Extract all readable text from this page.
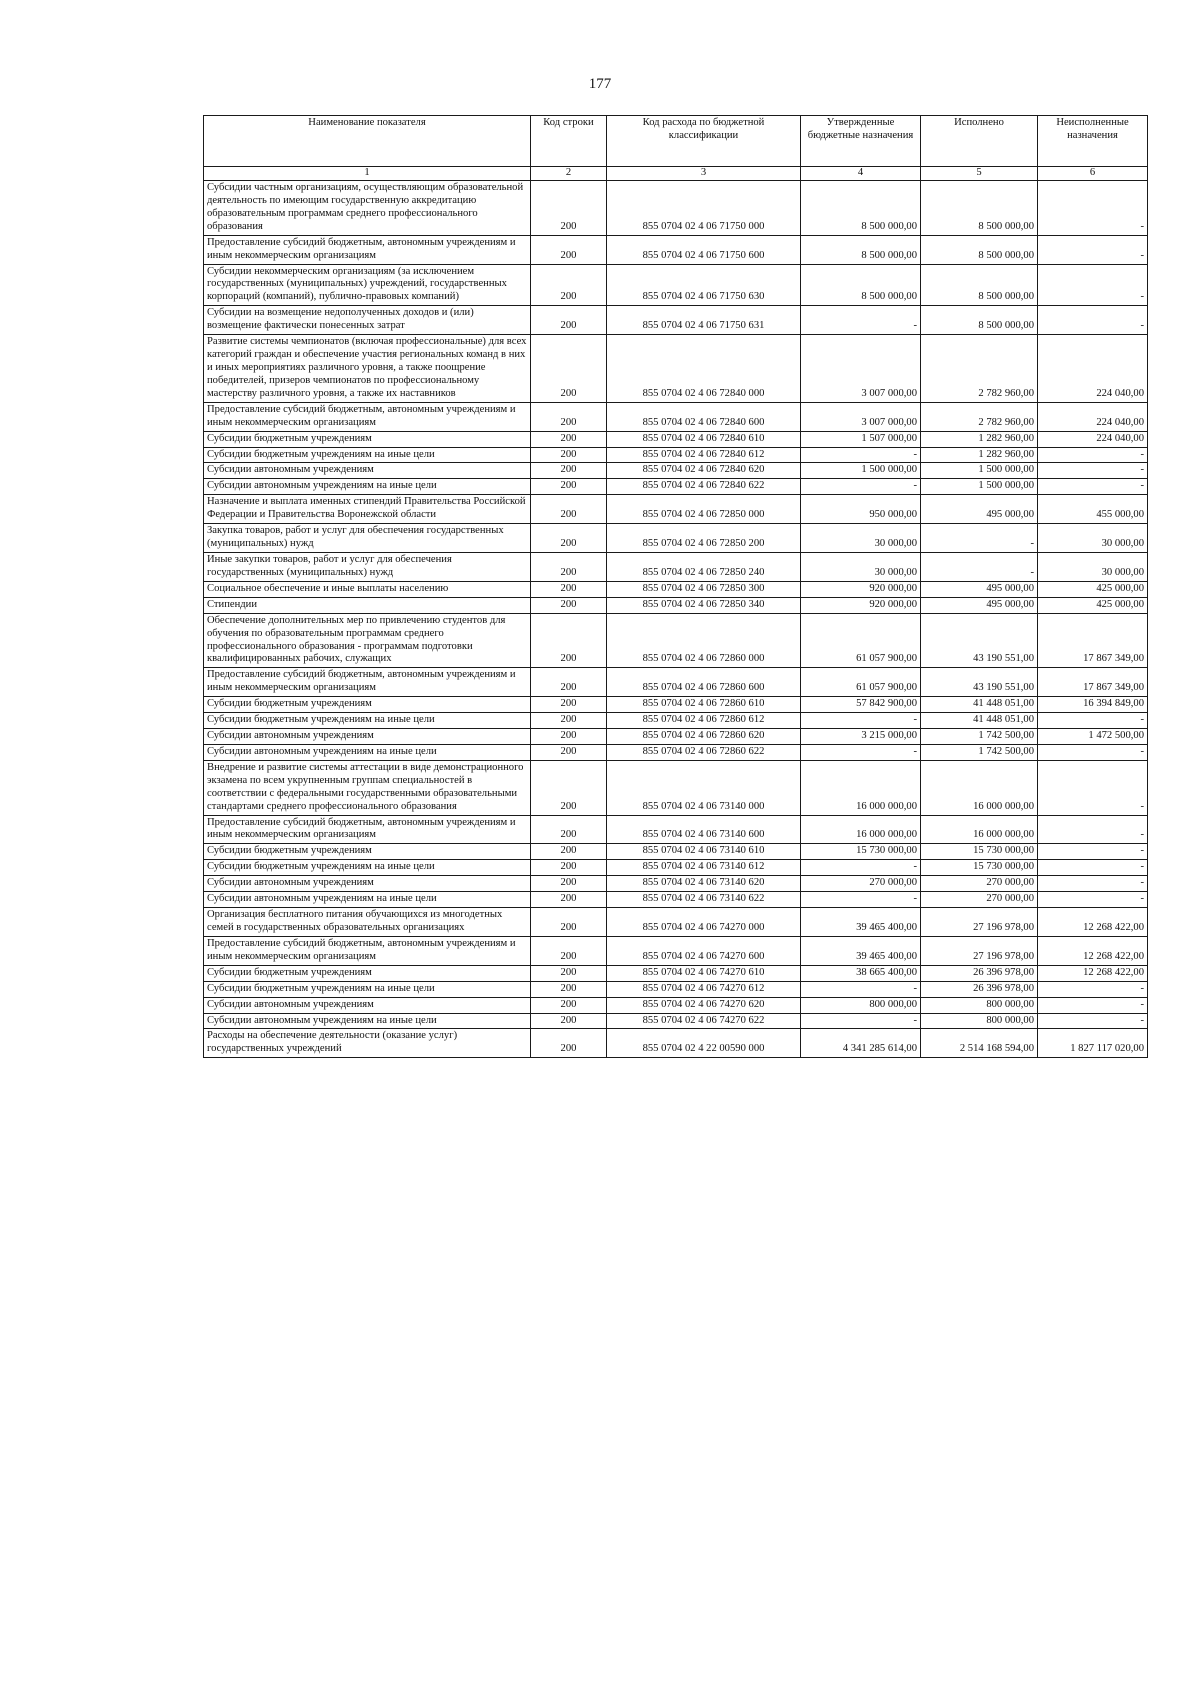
177
Наименование показателя	Код строки	Код расхода по бюджетной классификации	Утвержденные бюджетные назначения	Исполнено	Неисполненные назначения
1	2	3	4	5	6
Субсидии частным организациям, осуществляющим образовательной деятельность по имеющим государственную аккредитацию образовательным программам среднего профессионального образования	200	855 0704 02 4 06 71750 000	8 500 000,00	8 500 000,00	-
Предоставление субсидий бюджетным, автономным учреждениям и иным некоммерческим организациям	200	855 0704 02 4 06 71750 600	8 500 000,00	8 500 000,00	-
Субсидии некоммерческим организациям (за исключением государственных (муниципальных) учреждений, государственных корпораций (компаний), публично-правовых компаний)	200	855 0704 02 4 06 71750 630	8 500 000,00	8 500 000,00	-
Субсидии на возмещение недополученных доходов и (или) возмещение фактически понесенных затрат	200	855 0704 02 4 06 71750 631	-	8 500 000,00	-
Развитие системы чемпионатов (включая профессиональные) для всех категорий граждан и обеспечение участия региональных команд в них и иных мероприятиях различного уровня, а также поощрение победителей, призеров чемпионатов по профессиональному мастерству различного уровня, а также их наставников	200	855 0704 02 4 06 72840 000	3 007 000,00	2 782 960,00	224 040,00
Предоставление субсидий бюджетным, автономным учреждениям и иным некоммерческим организациям	200	855 0704 02 4 06 72840 600	3 007 000,00	2 782 960,00	224 040,00
Субсидии бюджетным учреждениям	200	855 0704 02 4 06 72840 610	1 507 000,00	1 282 960,00	224 040,00
Субсидии бюджетным учреждениям на иные цели	200	855 0704 02 4 06 72840 612	-	1 282 960,00	-
Субсидии автономным учреждениям	200	855 0704 02 4 06 72840 620	1 500 000,00	1 500 000,00	-
Субсидии автономным учреждениям на иные цели	200	855 0704 02 4 06 72840 622	-	1 500 000,00	-
Назначение и выплата именных стипендий Правительства Российской Федерации и Правительства Воронежской области	200	855 0704 02 4 06 72850 000	950 000,00	495 000,00	455 000,00
Закупка товаров, работ и услуг для обеспечения государственных (муниципальных) нужд	200	855 0704 02 4 06 72850 200	30 000,00	-	30 000,00
Иные закупки товаров, работ и услуг для обеспечения государственных (муниципальных) нужд	200	855 0704 02 4 06 72850 240	30 000,00	-	30 000,00
Социальное обеспечение и иные выплаты населению	200	855 0704 02 4 06 72850 300	920 000,00	495 000,00	425 000,00
Стипендии	200	855 0704 02 4 06 72850 340	920 000,00	495 000,00	425 000,00
Обеспечение дополнительных мер по привлечению студентов для обучения по образовательным программам среднего профессионального образования - программам подготовки квалифицированных рабочих, служащих	200	855 0704 02 4 06 72860 000	61 057 900,00	43 190 551,00	17 867 349,00
Предоставление субсидий бюджетным, автономным учреждениям и иным некоммерческим организациям	200	855 0704 02 4 06 72860 600	61 057 900,00	43 190 551,00	17 867 349,00
Субсидии бюджетным учреждениям	200	855 0704 02 4 06 72860 610	57 842 900,00	41 448 051,00	16 394 849,00
Субсидии бюджетным учреждениям на иные цели	200	855 0704 02 4 06 72860 612	-	41 448 051,00	-
Субсидии автономным учреждениям	200	855 0704 02 4 06 72860 620	3 215 000,00	1 742 500,00	1 472 500,00
Субсидии автономным учреждениям на иные цели	200	855 0704 02 4 06 72860 622	-	1 742 500,00	-
Внедрение и развитие системы аттестации в виде демонстрационного экзамена по всем укрупненным группам специальностей в соответствии с федеральными государственными образовательными стандартами среднего профессионального образования	200	855 0704 02 4 06 73140 000	16 000 000,00	16 000 000,00	-
Предоставление субсидий бюджетным, автономным учреждениям и иным некоммерческим организациям	200	855 0704 02 4 06 73140 600	16 000 000,00	16 000 000,00	-
Субсидии бюджетным учреждениям	200	855 0704 02 4 06 73140 610	15 730 000,00	15 730 000,00	-
Субсидии бюджетным учреждениям на иные цели	200	855 0704 02 4 06 73140 612	-	15 730 000,00	-
Субсидии автономным учреждениям	200	855 0704 02 4 06 73140 620	270 000,00	270 000,00	-
Субсидии автономным учреждениям на иные цели	200	855 0704 02 4 06 73140 622	-	270 000,00	-
Организация бесплатного питания обучающихся из многодетных семей в государственных образовательных организациях	200	855 0704 02 4 06 74270 000	39 465 400,00	27 196 978,00	12 268 422,00
Предоставление субсидий бюджетным, автономным учреждениям и иным некоммерческим организациям	200	855 0704 02 4 06 74270 600	39 465 400,00	27 196 978,00	12 268 422,00
Субсидии бюджетным учреждениям	200	855 0704 02 4 06 74270 610	38 665 400,00	26 396 978,00	12 268 422,00
Субсидии бюджетным учреждениям на иные цели	200	855 0704 02 4 06 74270 612	-	26 396 978,00	-
Субсидии автономным учреждениям	200	855 0704 02 4 06 74270 620	800 000,00	800 000,00	-
Субсидии автономным учреждениям на иные цели	200	855 0704 02 4 06 74270 622	-	800 000,00	-
Расходы на обеспечение деятельности (оказание услуг) государственных учреждений	200	855 0704 02 4 22 00590 000	4 341 285 614,00	2 514 168 594,00	1 827 117 020,00
